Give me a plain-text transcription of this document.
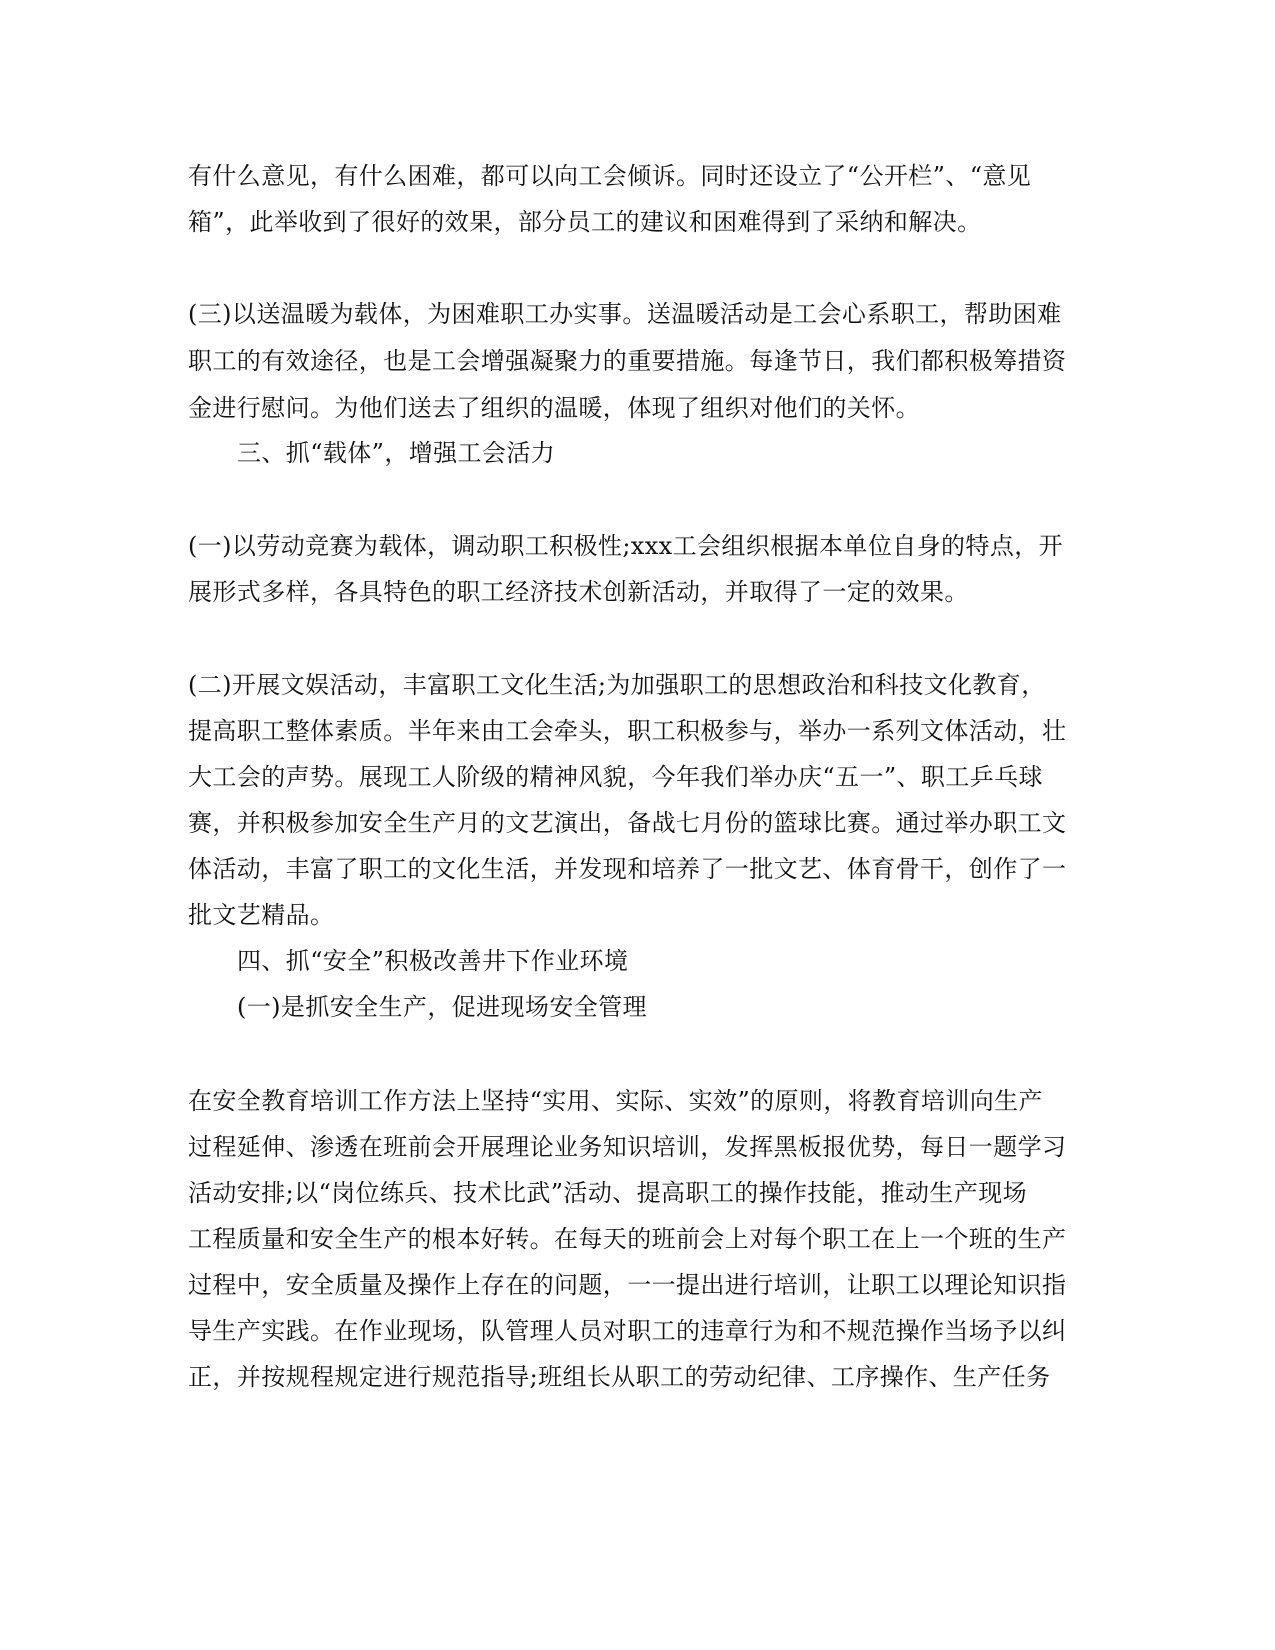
有什么意见，有什么困难，都可以向工会倾诉。同时还设立了“公开栏”、“意见
箱”，此举收到了很好的效果，部分员工的建议和困难得到了采纳和解决。
(三)以送温暖为载体，为困难职工办实事。送温暖活动是工会心系职工，帮助困难
职工的有效途径，也是工会增强凝聚力的重要措施。每逢节日，我们都积极筹措资
金进行慰问。为他们送去了组织的温暖，体现了组织对他们的关怀。
三、抓“载体”，增强工会活力
(一)以劳动竞赛为载体，调动职工积极性;xxx工会组织根据本单位自身的特点，开
展形式多样，各具特色的职工经济技术创新活动，并取得了一定的效果。
(二)开展文娱活动，丰富职工文化生活;为加强职工的思想政治和科技文化教育，
提高职工整体素质。半年来由工会牵头，职工积极参与，举办一系列文体活动，壮
大工会的声势。展现工人阶级的精神风貌，今年我们举办庆“五一”、职工乒乓球
赛，并积极参加安全生产月的文艺演出，备战七月份的篮球比赛。通过举办职工文
体活动，丰富了职工的文化生活，并发现和培养了一批文艺、体育骨干，创作了一
批文艺精品。
四、抓“安全”积极改善井下作业环境
(一)是抓安全生产，促进现场安全管理
在安全教育培训工作方法上坚持“实用、实际、实效”的原则，将教育培训向生产
过程延伸、渗透在班前会开展理论业务知识培训，发挥黑板报优势，每日一题学习
活动安排;以“岗位练兵、技术比武”活动、提高职工的操作技能，推动生产现场
工程质量和安全生产的根本好转。在每天的班前会上对每个职工在上一个班的生产
过程中，安全质量及操作上存在的问题，一一提出进行培训，让职工以理论知识指
导生产实践。在作业现场，队管理人员对职工的违章行为和不规范操作当场予以纠
正，并按规程规定进行规范指导;班组长从职工的劳动纪律、工序操作、生产任务
